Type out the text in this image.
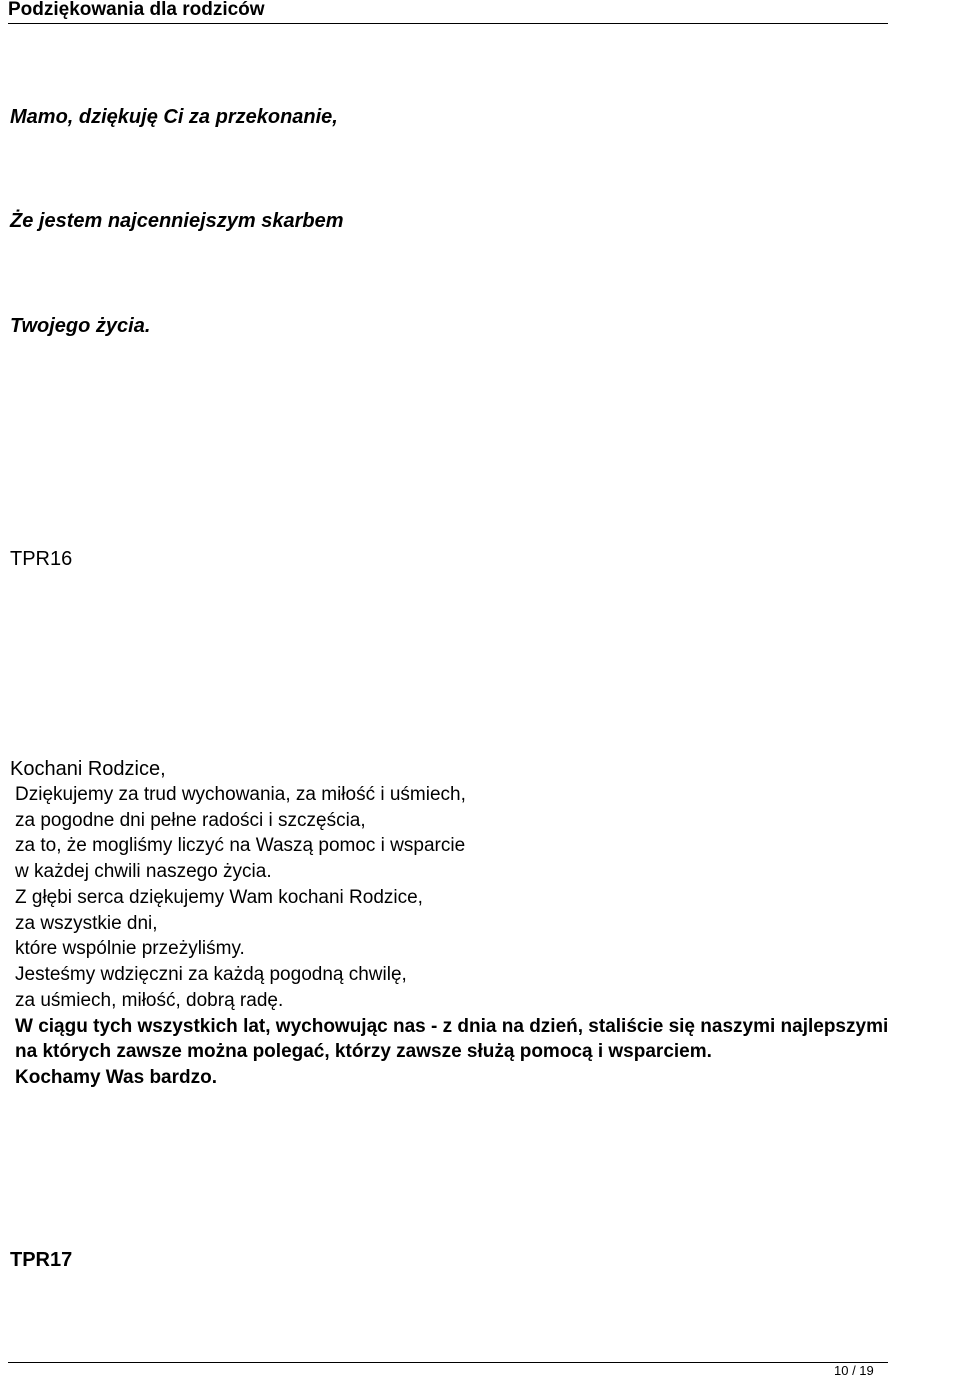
Podziękowania dla rodziców

Mamo, dziękuję Ci za przekonanie,

Że jestem najcenniejszym skarbem

Twojego życia.

TPR16

Kochani Rodzice,

Dziękujemy za trud wychowania, za miłość i uśmiech,

za pogodne dni pełne radości i szczęścia,

za to, że mogliśmy liczyć na Waszą pomoc i wsparcie

w każdej chwili naszego życia.

Z głębi serca dziękujemy Wam kochani Rodzice,

za wszystkie dni,

które wspólnie przeżyliśmy.

Jesteśmy wdzięczni za każdą pogodną chwilę,

za uśmiech, miłość, dobrą radę.

W ciągu tych wszystkich lat, wychowując nas - z dnia na dzień, staliście się naszymi najlepszymi

na których zawsze można polegać, którzy zawsze służą pomocą i wsparciem.

Kochamy Was bardzo.

TPR17

10 / 19
